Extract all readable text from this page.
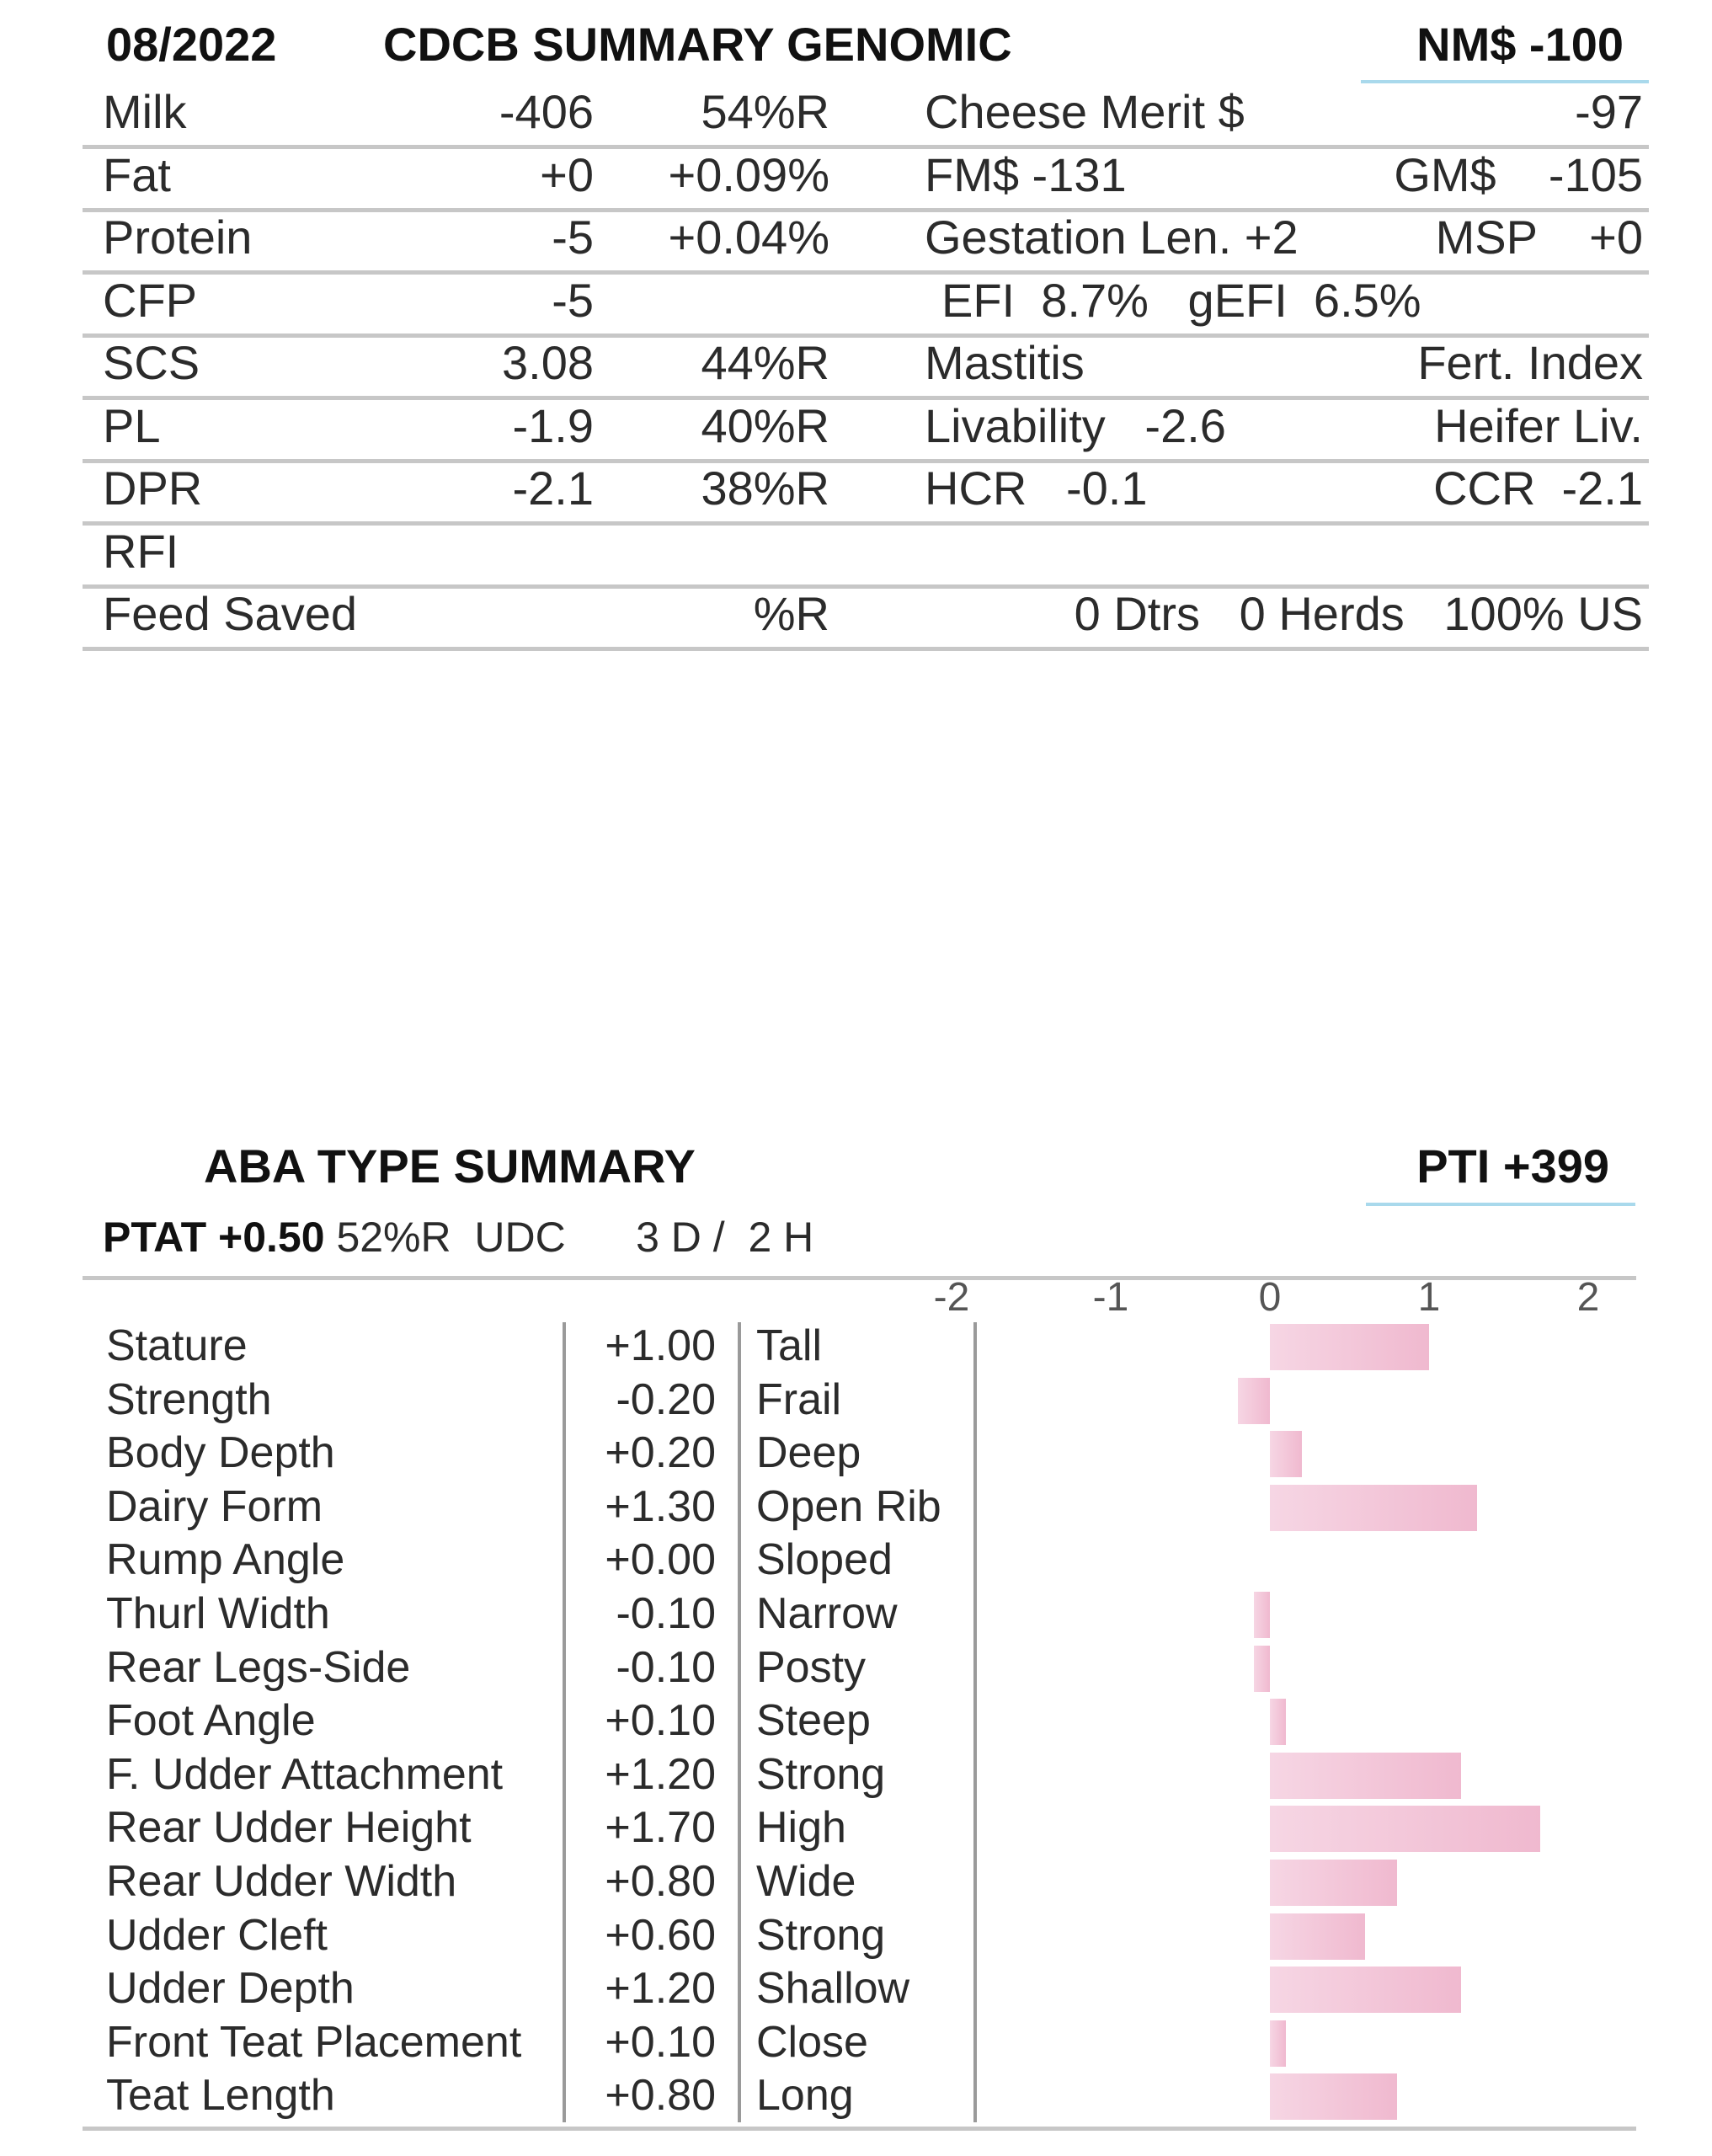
08/2022 CDCB SUMMARY GENOMIC	NM$ -100
Milk	-406	54%R Cheese Merit $	-97
Fat	+0	+0.09% FM$ -131	GM$    -105
Protein	-5	+0.04% Gestation Len. +2	MSP    +0
CFP	-5	EFI  8.7%   gEFI  6.5%
SCS	3.08	44%R Mastitis	Fert. Index
PL	-1.9	40%R Livability   -2.6	Heifer Liv.
DPR	-2.1	38%R HCR   -0.1	CCR  -2.1
RFI
Feed Saved	%R	0 Dtrs   0 Herds   100% US
ABA TYPE SUMMARY	PTI +399
PTAT +0.50 52%R  UDC      3 D /  2 H
-2	-1	0	1	2
Stature	+1.00 Tall
Strength	-0.20 Frail
Body Depth	+0.20 Deep
Dairy Form	+1.30 Open Rib
Rump Angle	+0.00 Sloped
Thurl Width	-0.10 Narrow
Rear Legs-Side	-0.10 Posty
Foot Angle	+0.10 Steep
F. Udder Attachment	+1.20 Strong
Rear Udder Height	+1.70 High
Rear Udder Width	+0.80 Wide
Udder Cleft	+0.60 Strong
Udder Depth	+1.20 Shallow
Front Teat Placement	+0.10 Close
Teat Length	+0.80 Long
